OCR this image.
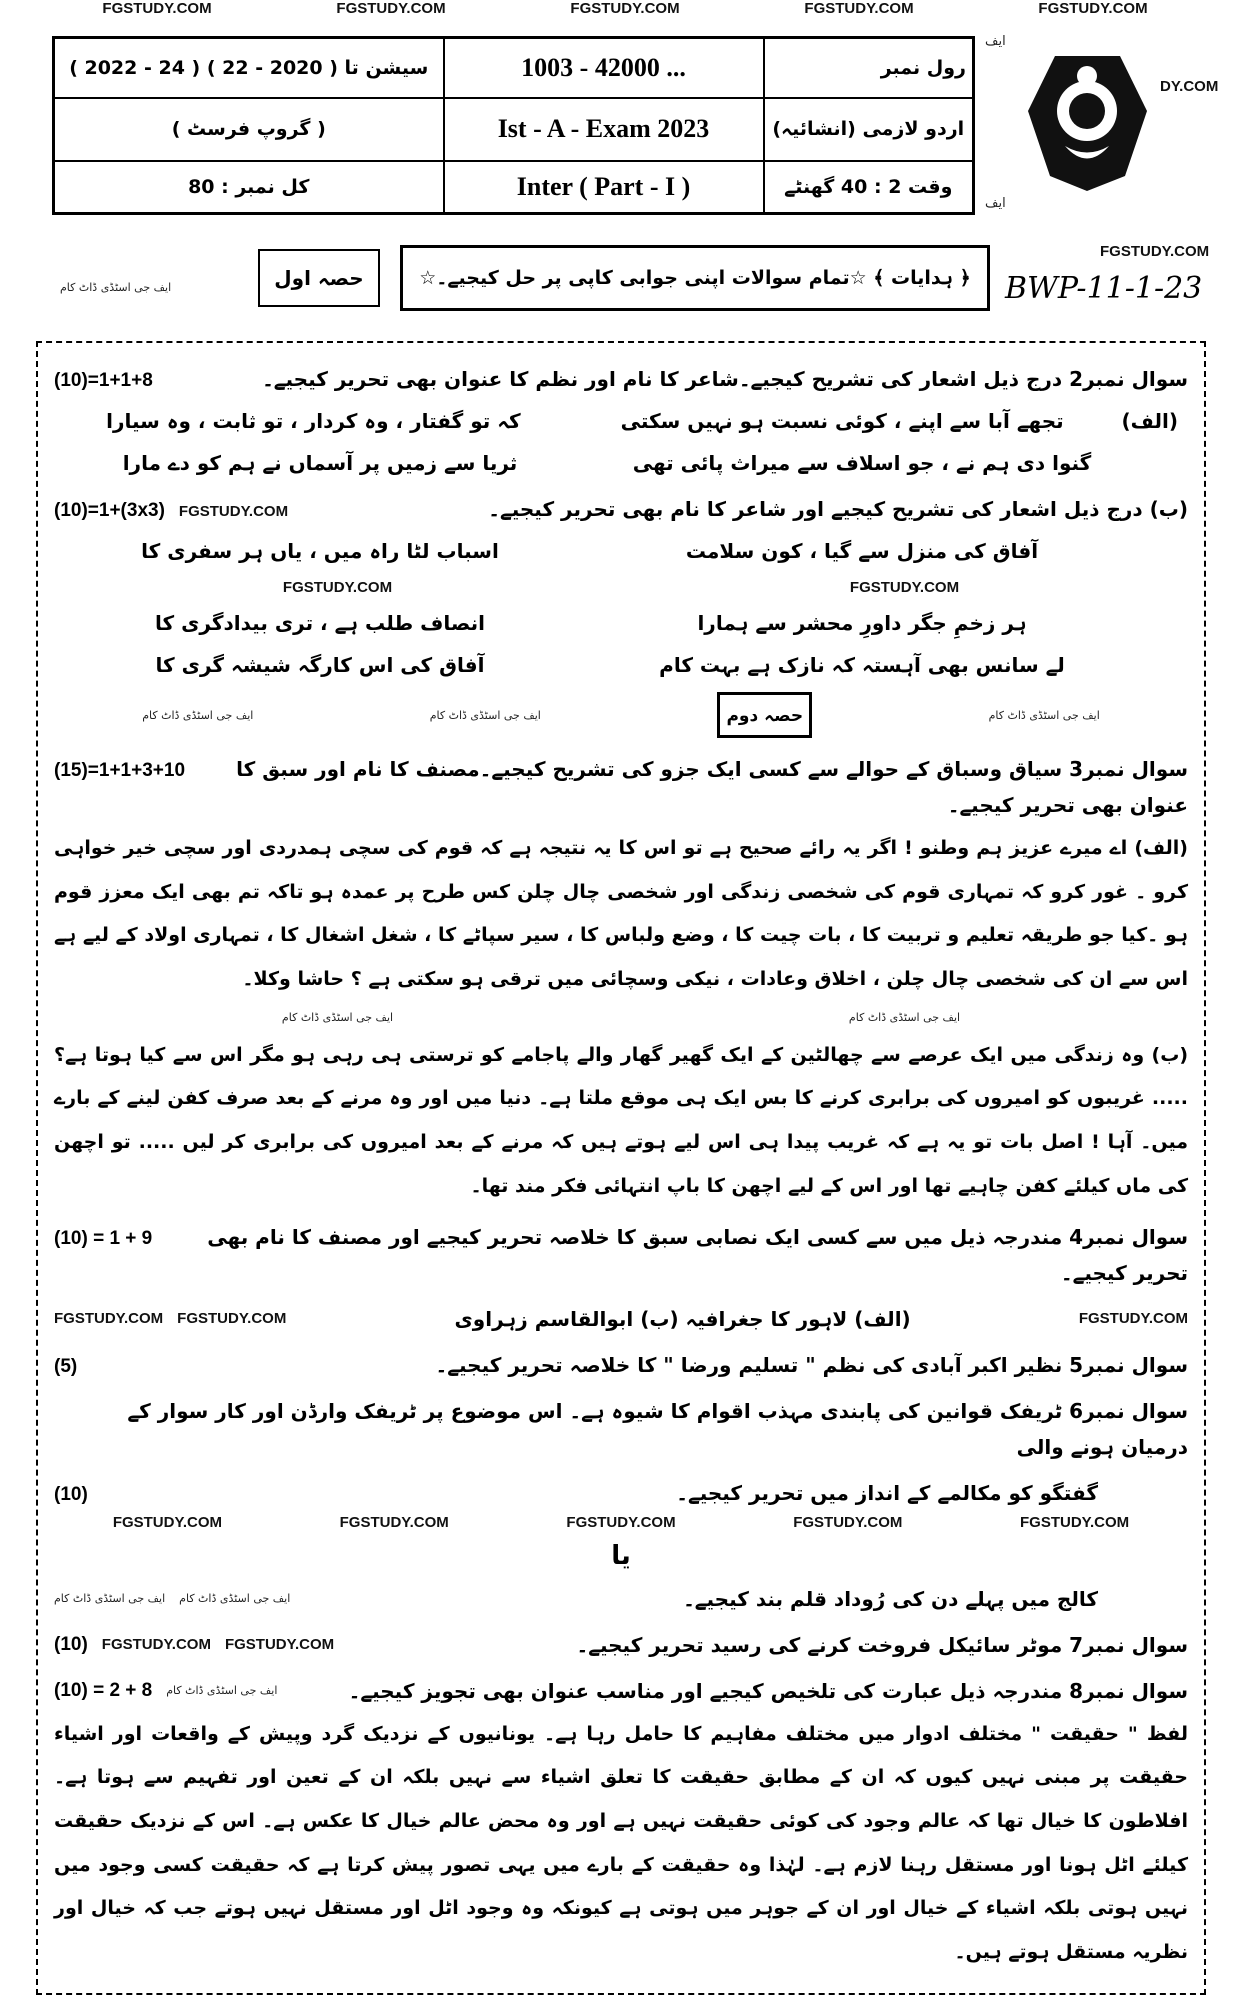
FGSTUDY.COM	FGSTUDY.COM	FGSTUDY.COM	FGSTUDY.COM	FGSTUDY.COM
سیشن ( 2022 - 24 ) تا ( 2020 - 22 )	1003 - 42000 ...	رول نمبر
( گروپ فرسٹ )	Ist - A - Exam 2023	اردو لازمی (انشائیہ)
کل نمبر : 80	Inter ( Part - I )	وقت 2 : 40 گھنٹے
ایف
ایف
DY.COM
ایف جی اسٹڈی ڈاٹ کام	حصہ اول	﴿ ہدایات ﴾ ☆تمام سوالات اپنی جوابی کاپی پر حل کیجیے۔☆
FGSTUDY.COM
BWP-11-1-23
سوال نمبر2 درج ذیل اشعار کی تشریح کیجیے۔شاعر کا نام اور نظم کا عنوان بھی تحریر کیجیے۔
(10)=1+1+8
(الف)
تجھے آبا سے اپنے ، کوئی نسبت ہو نہیں سکتی
کہ تو گفتار ، وہ کردار ، تو ثابت ، وہ سیارا
گنوا دی ہم نے ، جو اسلاف سے میراث پائی تھی
ثریا سے زمیں پر آسماں نے ہم کو دے مارا
(ب) درج ذیل اشعار کی تشریح کیجیے اور شاعر کا نام بھی تحریر کیجیے۔
FGSTUDY.COM
(10)=1+(3x3)
آفاق کی منزل سے گیا ، کون سلامت
اسباب لٹا راہ میں ، یاں ہر سفری کا
FGSTUDY.COM	FGSTUDY.COM
ہر زخمِ جگر داورِ محشر سے ہمارا
انصاف طلب ہے ، تری بیدادگری کا
لے سانس بھی آہستہ کہ نازک ہے بہت کام
آفاق کی اس کارگہ شیشہ گری کا
ایف جی اسٹڈی ڈاٹ کام	ایف جی اسٹڈی ڈاٹ کام	حصہ دوم	ایف جی اسٹڈی ڈاٹ کام
سوال نمبر3 سیاق وسباق کے حوالے سے کسی ایک جزو کی تشریح کیجیے۔مصنف کا نام اور سبق کا عنوان بھی تحریر کیجیے۔
(15)=1+1+3+10

(الف) اے میرے عزیز ہم وطنو ! اگر یہ رائے صحیح ہے تو اس کا یہ نتیجہ ہے کہ قوم کی سچی ہمدردی اور سچی خیر خواہی کرو ۔ غور کرو کہ تمہاری قوم کی شخصی زندگی اور شخصی چال چلن کس طرح پر عمدہ ہو تاکہ تم بھی ایک معزز قوم ہو ۔کیا جو طریقہ تعلیم و تربیت کا ، بات چیت کا ، وضع ولباس کا ، سیر سپاٹے کا ، شغل اشغال کا ، تمہاری اولاد کے لیے ہے اس سے ان کی شخصی چال چلن ، اخلاق وعادات ، نیکی وسچائی میں ترقی ہو سکتی ہے ؟ حاشا وکلا۔

ایف جی اسٹڈی ڈاٹ کام	ایف جی اسٹڈی ڈاٹ کام

(ب) وہ زندگی میں ایک عرصے سے چھالٹین کے ایک گھیر گھار والے پاجامے کو ترستی ہی رہی ہو مگر اس سے کیا ہوتا ہے؟ ..... غریبوں کو امیروں کی برابری کرنے کا بس ایک ہی موقع ملتا ہے۔ دنیا میں اور وہ مرنے کے بعد صرف کفن لینے کے بارے میں۔ آہا ! اصل بات تو یہ ہے کہ غریب پیدا ہی اس لیے ہوتے ہیں کہ مرنے کے بعد امیروں کی برابری کر لیں ..... تو اچھن کی ماں کیلئے کفن چاہیے تھا اور اس کے لیے اچھن کا باپ انتہائی فکر مند تھا۔

سوال نمبر4 مندرجہ ذیل میں سے کسی ایک نصابی سبق کا خلاصہ تحریر کیجیے اور مصنف کا نام بھی تحریر کیجیے۔
(10) = 1 + 9
FGSTUDY.COM
(الف) لاہور کا جغرافیہ (ب) ابوالقاسم زہراوی
FGSTUDY.COM
FGSTUDY.COM
سوال نمبر5 نظیر اکبر آبادی کی نظم " تسلیم ورضا " کا خلاصہ تحریر کیجیے۔
(5)
سوال نمبر6 ٹریفک قوانین کی پابندی مہذب اقوام کا شیوہ ہے۔ اس موضوع پر ٹریفک وارڈن اور کار سوار کے درمیان ہونے والی
گفتگو کو مکالمے کے انداز میں تحریر کیجیے۔
(10)
FGSTUDY.COM	FGSTUDY.COM	FGSTUDY.COM	FGSTUDY.COM	FGSTUDY.COM
یا
کالج میں پہلے دن کی رُوداد قلم بند کیجیے۔
ایف جی اسٹڈی ڈاٹ کام
ایف جی اسٹڈی ڈاٹ کام
سوال نمبر7 موٹر سائیکل فروخت کرنے کی رسید تحریر کیجیے۔
FGSTUDY.COM
FGSTUDY.COM
(10)
سوال نمبر8 مندرجہ ذیل عبارت کی تلخیص کیجیے اور مناسب عنوان بھی تجویز کیجیے۔
ایف جی اسٹڈی ڈاٹ کام
(10) = 2 + 8

لفظ " حقیقت " مختلف ادوار میں مختلف مفاہیم کا حامل رہا ہے۔ یونانیوں کے نزدیک گرد وپیش کے واقعات اور اشیاء حقیقت پر مبنی نہیں کیوں کہ ان کے مطابق حقیقت کا تعلق اشیاء سے نہیں بلکہ ان کے تعین اور تفہیم سے ہوتا ہے۔ افلاطون کا خیال تھا کہ عالم وجود کی کوئی حقیقت نہیں ہے اور وہ محض عالم خیال کا عکس ہے۔ اس کے نزدیک حقیقت کیلئے اٹل ہونا اور مستقل رہنا لازم ہے۔ لہٰذا وہ حقیقت کے بارے میں یہی تصور پیش کرتا ہے کہ حقیقت کسی وجود میں نہیں ہوتی بلکہ اشیاء کے خیال اور ان کے جوہر میں ہوتی ہے کیونکہ وہ وجود اٹل اور مستقل نہیں ہوتے جب کہ خیال اور نظریہ مستقل ہوتے ہیں۔
